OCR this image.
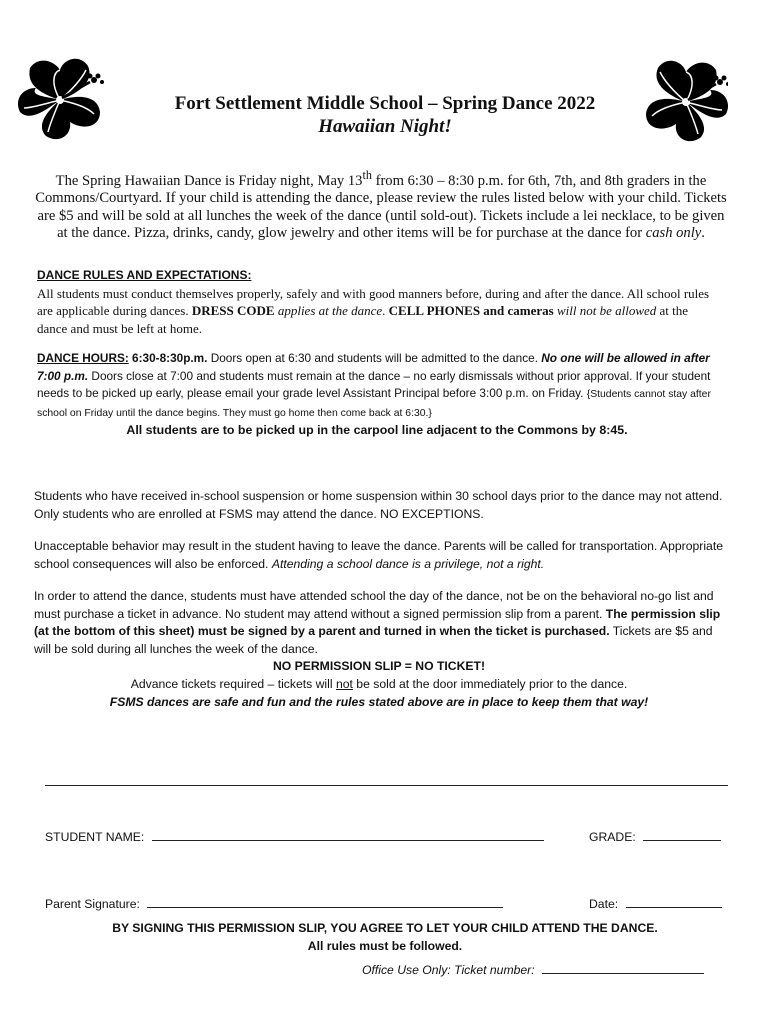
Fort Settlement Middle School – Spring Dance 2022
Hawaiian Night!
The Spring Hawaiian Dance is Friday night, May 13th from 6:30 – 8:30 p.m. for 6th, 7th, and 8th graders in the Commons/Courtyard. If your child is attending the dance, please review the rules listed below with your child. Tickets are $5 and will be sold at all lunches the week of the dance (until sold-out). Tickets include a lei necklace, to be given at the dance. Pizza, drinks, candy, glow jewelry and other items will be for purchase at the dance for cash only.
DANCE RULES AND EXPECTATIONS:
All students must conduct themselves properly, safely and with good manners before, during and after the dance. All school rules are applicable during dances. DRESS CODE applies at the dance. CELL PHONES and cameras will not be allowed at the dance and must be left at home.
DANCE HOURS: 6:30-8:30p.m. Doors open at 6:30 and students will be admitted to the dance. No one will be allowed in after 7:00 p.m. Doors close at 7:00 and students must remain at the dance – no early dismissals without prior approval. If your student needs to be picked up early, please email your grade level Assistant Principal before 3:00 p.m. on Friday. {Students cannot stay after school on Friday until the dance begins. They must go home then come back at 6:30.}
All students are to be picked up in the carpool line adjacent to the Commons by 8:45.
Students who have received in-school suspension or home suspension within 30 school days prior to the dance may not attend. Only students who are enrolled at FSMS may attend the dance. NO EXCEPTIONS.
Unacceptable behavior may result in the student having to leave the dance. Parents will be called for transportation. Appropriate school consequences will also be enforced. Attending a school dance is a privilege, not a right.
In order to attend the dance, students must have attended school the day of the dance, not be on the behavioral no-go list and must purchase a ticket in advance. No student may attend without a signed permission slip from a parent. The permission slip (at the bottom of this sheet) must be signed by a parent and turned in when the ticket is purchased. Tickets are $5 and will be sold during all lunches the week of the dance.
NO PERMISSION SLIP = NO TICKET!
Advance tickets required – tickets will not be sold at the door immediately prior to the dance.
FSMS dances are safe and fun and the rules stated above are in place to keep them that way!
STUDENT NAME:	GRADE:
Parent Signature:	Date:
BY SIGNING THIS PERMISSION SLIP, YOU AGREE TO LET YOUR CHILD ATTEND THE DANCE.
All rules must be followed.
Office Use Only: Ticket number:
